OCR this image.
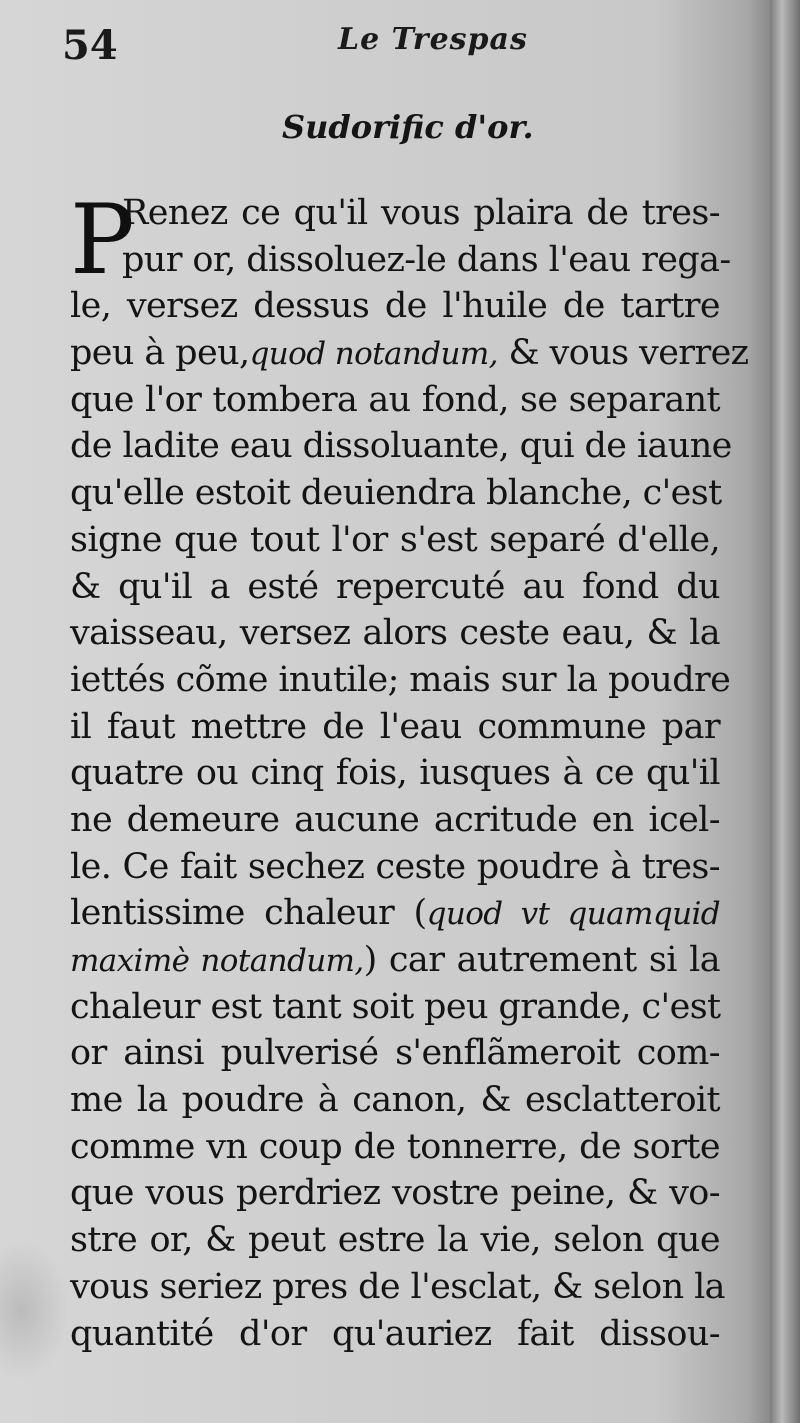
54	Le Trespas
Sudorific d'or.
P
Renez ce qu'il vous plaira de tres-
pur or, dissoluez-le dans l'eau rega-
le, versez dessus de l'huile de tartre
peu à peu,quod notandum, & vous verrez
que l'or tombera au fond, se separant
de ladite eau dissoluante, qui de iaune
qu'elle estoit deuiendra blanche, c'est
signe que tout l'or s'est separé d'elle,
& qu'il a esté repercuté au fond du
vaisseau, versez alors ceste eau, & la
iettés cõme inutile; mais sur la poudre
il faut mettre de l'eau commune par
quatre ou cinq fois, iusques à ce qu'il
ne demeure aucune acritude en icel-
le. Ce fait sechez ceste poudre à tres-
lentissime chaleur (quod vt quamquid
maximè notandum,) car autrement si la
chaleur est tant soit peu grande, c'est
or ainsi pulverisé s'enflãmeroit com-
me la poudre à canon, & esclatteroit
comme vn coup de tonnerre, de sorte
que vous perdriez vostre peine, & vo-
stre or, & peut estre la vie, selon que
vous seriez pres de l'esclat, & selon la
quantité d'or qu'auriez fait dissou-
